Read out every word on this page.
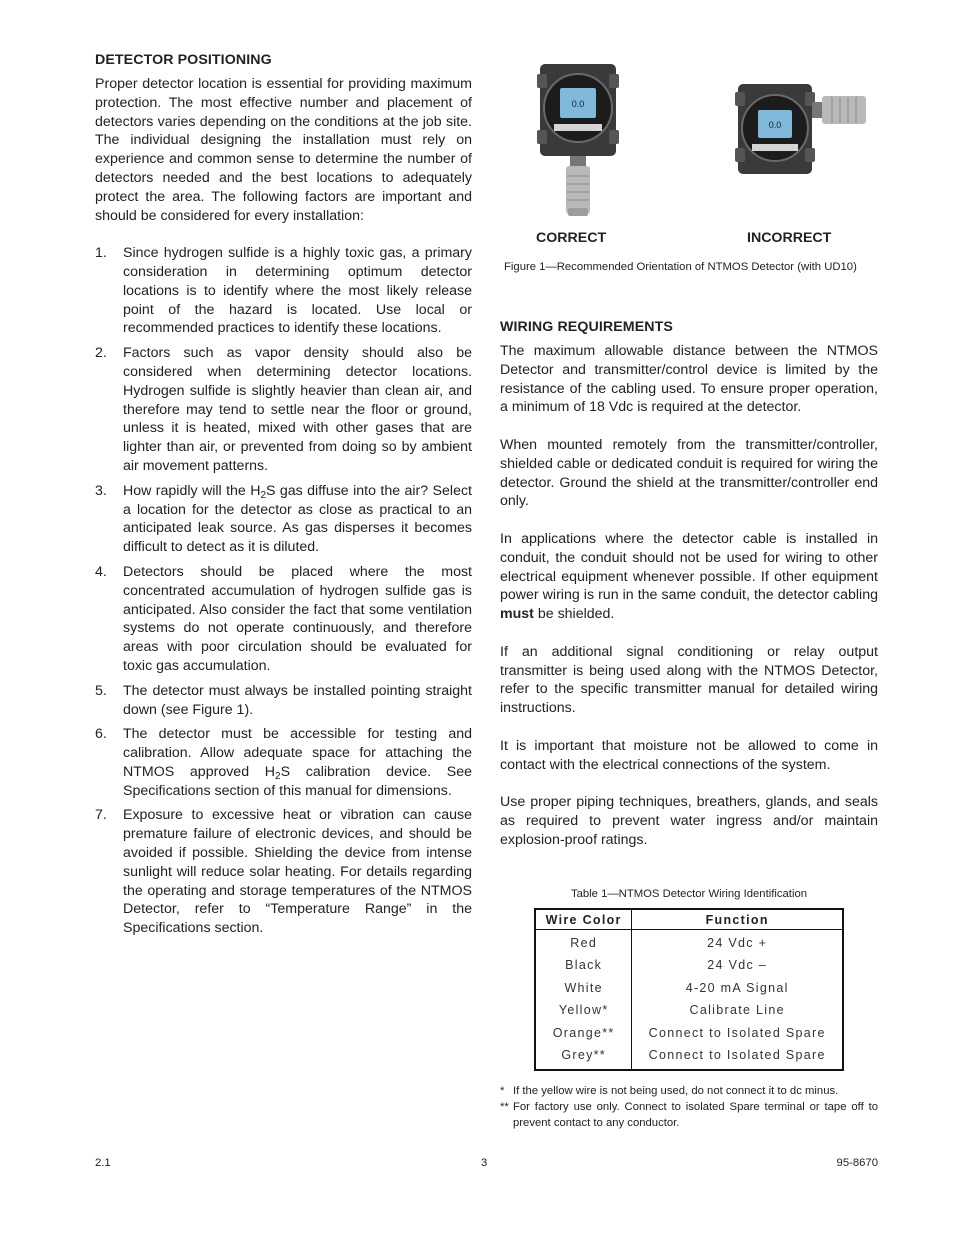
DETECTOR POSITIONING

Proper detector location is essential for providing maximum protection. The most effective number and placement of detectors varies depending on the conditions at the job site. The individual designing the installation must rely on experience and common sense to determine the number of detectors needed and the best locations to adequately protect the area. The following factors are important and should be considered for every installation:

1. Since hydrogen sulfide is a highly toxic gas, a primary consideration in determining optimum detector locations is to identify where the most likely release point of the hazard is located. Use local or recommended practices to identify these locations.
2. Factors such as vapor density should also be considered when determining detector locations. Hydrogen sulfide is slightly heavier than clean air, and therefore may tend to settle near the floor or ground, unless it is heated, mixed with other gases that are lighter than air, or prevented from doing so by ambient air movement patterns.
3. How rapidly will the $H_2S$ gas diffuse into the air? Select a location for the detector as close as practical to an anticipated leak source. As gas disperses it becomes difficult to detect as it is diluted.
4. Detectors should be placed where the most concentrated accumulation of hydrogen sulfide gas is anticipated. Also consider the fact that some ventilation systems do not operate continuously, and therefore areas with poor circulation should be evaluated for toxic gas accumulation.
5. The detector must always be installed pointing straight down (see Figure 1).
6. The detector must be accessible for testing and calibration. Allow adequate space for attaching the NTMOS approved $H_2S$ calibration device. See Specifications section of this manual for dimensions.
7. Exposure to excessive heat or vibration can cause premature failure of electronic devices, and should be avoided if possible. Shielding the device from intense sunlight will reduce solar heating. For details regarding the operating and storage temperatures of the NTMOS Detector, refer to “Temperature Range” in the Specifications section.
0.0
0.0
CORRECT	INCORRECT
Figure 1—Recommended Orientation of NTMOS Detector (with UD10)
WIRING REQUIREMENTS

The maximum allowable distance between the NTMOS Detector and transmitter/control device is limited by the resistance of the cabling used. To ensure proper operation, a minimum of 18 Vdc is required at the detector.

When mounted remotely from the transmitter/controller, shielded cable or dedicated conduit is required for wiring the detector. Ground the shield at the transmitter/controller end only.

In applications where the detector cable is installed in conduit, the conduit should not be used for wiring to other electrical equipment whenever possible. If other equipment power wiring is run in the same conduit, the detector cabling must be shielded.

If an additional signal conditioning or relay output transmitter is being used along with the NTMOS Detector, refer to the specific transmitter manual for detailed wiring instructions.

It is important that moisture not be allowed to come in contact with the electrical connections of the system.

Use proper piping techniques, breathers, glands, and seals as required to prevent water ingress and/or maintain explosion-proof ratings.

Table 1—NTMOS Detector Wiring Identification
Wire Color	Function
Red	24 Vdc +
Black	24 Vdc –
White	4-20 mA Signal
Yellow*	Calibrate Line
Orange**	Connect to Isolated Spare
Grey**	Connect to Isolated Spare
* If the yellow wire is not being used, do not connect it to dc minus.
** For factory use only. Connect to isolated Spare terminal or tape off to prevent contact to any conductor.
2.1	3	95-8670
